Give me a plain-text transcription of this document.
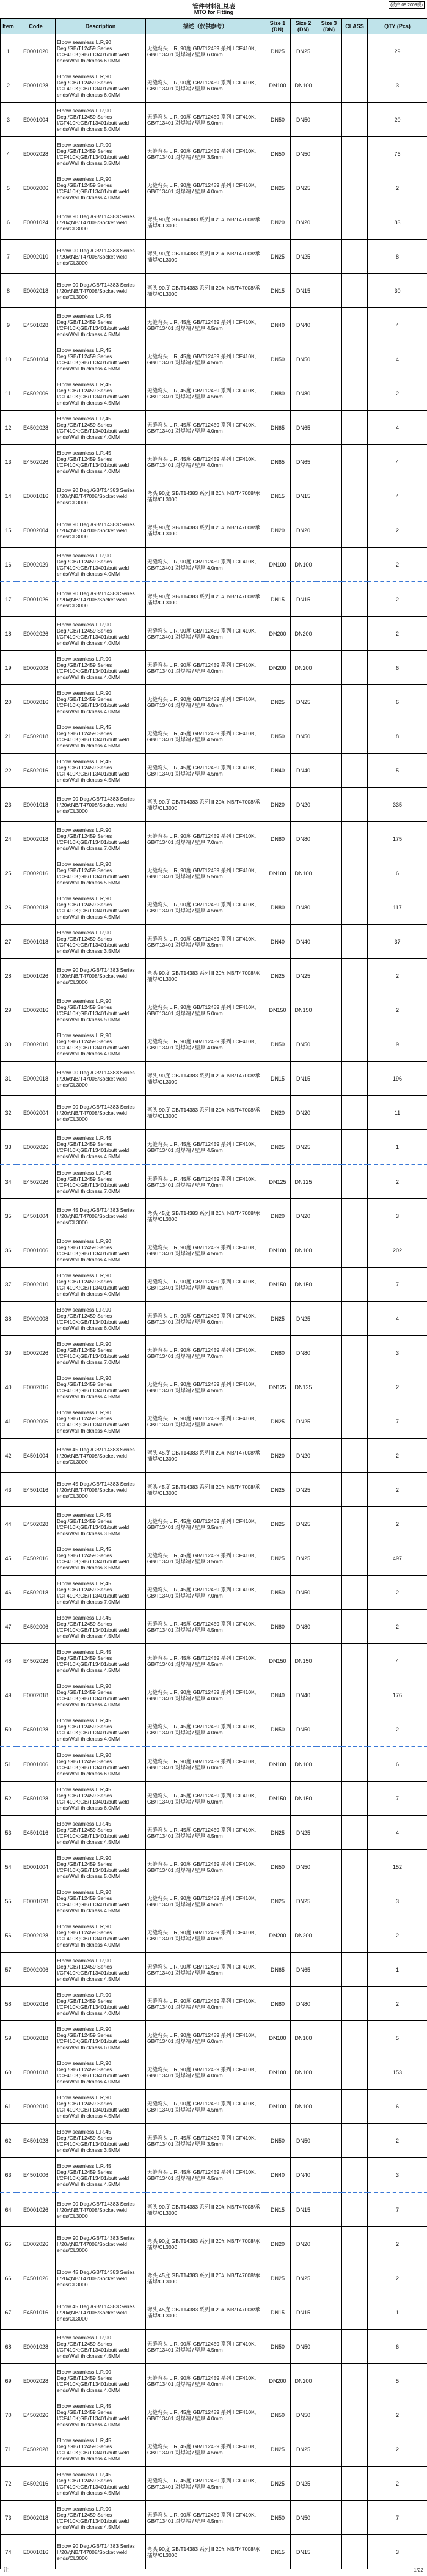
管件材料汇总表
MTO for Fitting
(改产 09.2009规)
Item	Code	Description	描述（仅供参考）	Size 1 (DN)	Size 2 (DN)	Size 3 (DN)	CLASS	QTY (Pcs)
1	E0001020	Elbow seamless L.R,90 Deg./GB/T12459 Series I/CF410K;GB/T13401/butt weld ends/Wall thickness 6.0MM	无缝弯头 L.R, 90度 GB/T12459 系列 I CF410K, GB/T13401 对焊端 / 壁厚 6.0mm	DN25	DN25			29
2	E0001028	Elbow seamless L.R,90 Deg./GB/T12459 Series I/CF410K;GB/T13401/butt weld ends/Wall thickness 6.0MM	无缝弯头 L.R, 90度 GB/T12459 系列 I CF410K, GB/T13401 对焊端 / 壁厚 6.0mm	DN100	DN100			3
3	E0001004	Elbow seamless L.R,90 Deg./GB/T12459 Series I/CF410K;GB/T13401/butt weld ends/Wall thickness 5.0MM	无缝弯头 L.R, 90度 GB/T12459 系列 I CF410K, GB/T13401 对焊端 / 壁厚 5.0mm	DN50	DN50			20
4	E0002028	Elbow seamless L.R,90 Deg./GB/T12459 Series I/CF410K;GB/T13401/butt weld ends/Wall thickness 3.5MM	无缝弯头 L.R, 90度 GB/T12459 系列 I CF410K, GB/T13401 对焊端 / 壁厚 3.5mm	DN50	DN50			76
5	E0002006	Elbow seamless L.R,90 Deg./GB/T12459 Series I/CF410K;GB/T13401/butt weld ends/Wall thickness 4.0MM	无缝弯头 L.R, 90度 GB/T12459 系列 I CF410K, GB/T13401 对焊端 / 壁厚 4.0mm	DN25	DN25			2
6	E0001024	Elbow 90 Deg./GB/T14383 Series II/20#;NB/T47008/Socket weld ends/CL3000	弯头 90度 GB/T14383 系列 II 20#, NB/T47008/承插焊/CL3000	DN20	DN20			83
7	E0002010	Elbow 90 Deg./GB/T14383 Series II/20#;NB/T47008/Socket weld ends/CL3000	弯头 90度 GB/T14383 系列 II 20#, NB/T47008/承插焊/CL3000	DN25	DN25			8
8	E0002018	Elbow 90 Deg./GB/T14383 Series II/20#;NB/T47008/Socket weld ends/CL3000	弯头 90度 GB/T14383 系列 II 20#, NB/T47008/承插焊/CL3000	DN15	DN15			30
9	E4501028	Elbow seamless L.R,45 Deg./GB/T12459 Series I/CF410K;GB/T13401/butt weld ends/Wall thickness 4.5MM	无缝弯头 L.R, 45度 GB/T12459 系列 I CF410K, GB/T13401 对焊端 / 壁厚 4.5mm	DN40	DN40			4
10	E4501004	Elbow seamless L.R,45 Deg./GB/T12459 Series I/CF410K;GB/T13401/butt weld ends/Wall thickness 4.5MM	无缝弯头 L.R, 45度 GB/T12459 系列 I CF410K, GB/T13401 对焊端 / 壁厚 4.5mm	DN50	DN50			4
11	E4502006	Elbow seamless L.R,45 Deg./GB/T12459 Series I/CF410K;GB/T13401/butt weld ends/Wall thickness 4.5MM	无缝弯头 L.R, 45度 GB/T12459 系列 I CF410K, GB/T13401 对焊端 / 壁厚 4.5mm	DN80	DN80			2
12	E4502028	Elbow seamless L.R,45 Deg./GB/T12459 Series I/CF410K;GB/T13401/butt weld ends/Wall thickness 4.0MM	无缝弯头 L.R, 45度 GB/T12459 系列 I CF410K, GB/T13401 对焊端 / 壁厚 4.0mm	DN65	DN65			4
13	E4502026	Elbow seamless L.R,45 Deg./GB/T12459 Series I/CF410K;GB/T13401/butt weld ends/Wall thickness 4.0MM	无缝弯头 L.R, 45度 GB/T12459 系列 I CF410K, GB/T13401 对焊端 / 壁厚 4.0mm	DN65	DN65			4
14	E0001016	Elbow 90 Deg./GB/T14383 Series II/20#;NB/T47008/Socket weld ends/CL3000	弯头 90度 GB/T14383 系列 II 20#, NB/T47008/承插焊/CL3000	DN15	DN15			4
15	E0002004	Elbow 90 Deg./GB/T14383 Series II/20#;NB/T47008/Socket weld ends/CL3000	弯头 90度 GB/T14383 系列 II 20#, NB/T47008/承插焊/CL3000	DN20	DN20			2
16	E0002029	Elbow seamless L.R,90 Deg./GB/T12459 Series I/CF410K;GB/T13401/butt weld ends/Wall thickness 4.0MM	无缝弯头 L.R, 90度 GB/T12459 系列 I CF410K, GB/T13401 对焊端 / 壁厚 4.0mm	DN100	DN100			2
17	E0001026	Elbow 90 Deg./GB/T14383 Series II/20#;NB/T47008/Socket weld ends/CL3000	弯头 90度 GB/T14383 系列 II 20#, NB/T47008/承插焊/CL3000	DN15	DN15			2
18	E0002026	Elbow seamless L.R,90 Deg./GB/T12459 Series I/CF410K;GB/T13401/butt weld ends/Wall thickness 4.0MM	无缝弯头 L.R, 90度 GB/T12459 系列 I CF410K, GB/T13401 对焊端 / 壁厚 4.0mm	DN200	DN200			2
19	E0002008	Elbow seamless L.R,90 Deg./GB/T12459 Series I/CF410K;GB/T13401/butt weld ends/Wall thickness 4.0MM	无缝弯头 L.R, 90度 GB/T12459 系列 I CF410K, GB/T13401 对焊端 / 壁厚 4.0mm	DN200	DN200			6
20	E0002016	Elbow seamless L.R,90 Deg./GB/T12459 Series I/CF410K;GB/T13401/butt weld ends/Wall thickness 4.0MM	无缝弯头 L.R, 90度 GB/T12459 系列 I CF410K, GB/T13401 对焊端 / 壁厚 4.0mm	DN25	DN25			6
21	E4502018	Elbow seamless L.R,45 Deg./GB/T12459 Series I/CF410K;GB/T13401/butt weld ends/Wall thickness 4.5MM	无缝弯头 L.R, 45度 GB/T12459 系列 I CF410K, GB/T13401 对焊端 / 壁厚 4.5mm	DN50	DN50			8
22	E4502016	Elbow seamless L.R,45 Deg./GB/T12459 Series I/CF410K;GB/T13401/butt weld ends/Wall thickness 4.5MM	无缝弯头 L.R, 45度 GB/T12459 系列 I CF410K, GB/T13401 对焊端 / 壁厚 4.5mm	DN40	DN40			5
23	E0001018	Elbow 90 Deg./GB/T14383 Series II/20#;NB/T47008/Socket weld ends/CL3000	弯头 90度 GB/T14383 系列 II 20#, NB/T47008/承插焊/CL3000	DN20	DN20			335
24	E0002018	Elbow seamless L.R,90 Deg./GB/T12459 Series I/CF410K;GB/T13401/butt weld ends/Wall thickness 7.0MM	无缝弯头 L.R, 90度 GB/T12459 系列 I CF410K, GB/T13401 对焊端 / 壁厚 7.0mm	DN80	DN80			175
25	E0002016	Elbow seamless L.R,90 Deg./GB/T12459 Series I/CF410K;GB/T13401/butt weld ends/Wall thickness 5.5MM	无缝弯头 L.R, 90度 GB/T12459 系列 I CF410K, GB/T13401 对焊端 / 壁厚 5.5mm	DN100	DN100			6
26	E0002018	Elbow seamless L.R,90 Deg./GB/T12459 Series I/CF410K;GB/T13401/butt weld ends/Wall thickness 4.5MM	无缝弯头 L.R, 90度 GB/T12459 系列 I CF410K, GB/T13401 对焊端 / 壁厚 4.5mm	DN80	DN80			117
27	E0001018	Elbow seamless L.R,90 Deg./GB/T12459 Series I/CF410K;GB/T13401/butt weld ends/Wall thickness 3.5MM	无缝弯头 L.R, 90度 GB/T12459 系列 I CF410K, GB/T13401 对焊端 / 壁厚 3.5mm	DN40	DN40			37
28	E0001026	Elbow 90 Deg./GB/T14383 Series II/20#;NB/T47008/Socket weld ends/CL3000	弯头 90度 GB/T14383 系列 II 20#, NB/T47008/承插焊/CL3000	DN25	DN25			2
29	E0002016	Elbow seamless L.R,90 Deg./GB/T12459 Series I/CF410K;GB/T13401/butt weld ends/Wall thickness 5.0MM	无缝弯头 L.R, 90度 GB/T12459 系列 I CF410K, GB/T13401 对焊端 / 壁厚 5.0mm	DN150	DN150			2
30	E0002010	Elbow seamless L.R,90 Deg./GB/T12459 Series I/CF410K;GB/T13401/butt weld ends/Wall thickness 4.0MM	无缝弯头 L.R, 90度 GB/T12459 系列 I CF410K, GB/T13401 对焊端 / 壁厚 4.0mm	DN50	DN50			9
31	E0002018	Elbow 90 Deg./GB/T14383 Series II/20#;NB/T47008/Socket weld ends/CL3000	弯头 90度 GB/T14383 系列 II 20#, NB/T47008/承插焊/CL3000	DN15	DN15			196
32	E0002004	Elbow 90 Deg./GB/T14383 Series II/20#;NB/T47008/Socket weld ends/CL3000	弯头 90度 GB/T14383 系列 II 20#, NB/T47008/承插焊/CL3000	DN20	DN20			11
33	E0002026	Elbow seamless L.R,45 Deg./GB/T12459 Series I/CF410K;GB/T13401/butt weld ends/Wall thickness 4.5MM	无缝弯头 L.R, 45度 GB/T12459 系列 I CF410K, GB/T13401 对焊端 / 壁厚 4.5mm	DN25	DN25			1
34	E4502026	Elbow seamless L.R,45 Deg./GB/T12459 Series I/CF410K;GB/T13401/butt weld ends/Wall thickness 7.0MM	无缝弯头 L.R, 45度 GB/T12459 系列 I CF410K, GB/T13401 对焊端 / 壁厚 7.0mm	DN125	DN125			2
35	E4501004	Elbow 45 Deg./GB/T14383 Series II/20#;NB/T47008/Socket weld ends/CL3000	弯头 45度 GB/T14383 系列 II 20#, NB/T47008/承插焊/CL3000	DN20	DN20			3
36	E0001006	Elbow seamless L.R,90 Deg./GB/T12459 Series I/CF410K;GB/T13401/butt weld ends/Wall thickness 4.5MM	无缝弯头 L.R, 90度 GB/T12459 系列 I CF410K, GB/T13401 对焊端 / 壁厚 4.5mm	DN100	DN100			202
37	E0002010	Elbow seamless L.R,90 Deg./GB/T12459 Series I/CF410K;GB/T13401/butt weld ends/Wall thickness 4.0MM	无缝弯头 L.R, 90度 GB/T12459 系列 I CF410K, GB/T13401 对焊端 / 壁厚 4.0mm	DN150	DN150			7
38	E0002008	Elbow seamless L.R,90 Deg./GB/T12459 Series I/CF410K;GB/T13401/butt weld ends/Wall thickness 6.0MM	无缝弯头 L.R, 90度 GB/T12459 系列 I CF410K, GB/T13401 对焊端 / 壁厚 6.0mm	DN25	DN25			4
39	E0002026	Elbow seamless L.R,90 Deg./GB/T12459 Series I/CF410K;GB/T13401/butt weld ends/Wall thickness 7.0MM	无缝弯头 L.R, 90度 GB/T12459 系列 I CF410K, GB/T13401 对焊端 / 壁厚 7.0mm	DN80	DN80			3
40	E0002016	Elbow seamless L.R,90 Deg./GB/T12459 Series I/CF410K;GB/T13401/butt weld ends/Wall thickness 4.5MM	无缝弯头 L.R, 90度 GB/T12459 系列 I CF410K, GB/T13401 对焊端 / 壁厚 4.5mm	DN125	DN125			2
41	E0002006	Elbow seamless L.R,90 Deg./GB/T12459 Series I/CF410K;GB/T13401/butt weld ends/Wall thickness 4.5MM	无缝弯头 L.R, 90度 GB/T12459 系列 I CF410K, GB/T13401 对焊端 / 壁厚 4.5mm	DN25	DN25			7
42	E4501004	Elbow 45 Deg./GB/T14383 Series II/20#;NB/T47008/Socket weld ends/CL3000	弯头 45度 GB/T14383 系列 II 20#, NB/T47008/承插焊/CL3000	DN20	DN20			2
43	E4501016	Elbow 45 Deg./GB/T14383 Series II/20#;NB/T47008/Socket weld ends/CL3000	弯头 45度 GB/T14383 系列 II 20#, NB/T47008/承插焊/CL3000	DN25	DN25			2
44	E4502028	Elbow seamless L.R,45 Deg./GB/T12459 Series I/CF410K;GB/T13401/butt weld ends/Wall thickness 3.5MM	无缝弯头 L.R, 45度 GB/T12459 系列 I CF410K, GB/T13401 对焊端 / 壁厚 3.5mm	DN25	DN25			2
45	E4502016	Elbow seamless L.R,45 Deg./GB/T12459 Series I/CF410K;GB/T13401/butt weld ends/Wall thickness 3.5MM	无缝弯头 L.R, 45度 GB/T12459 系列 I CF410K, GB/T13401 对焊端 / 壁厚 3.5mm	DN25	DN25			497
46	E4502018	Elbow seamless L.R,45 Deg./GB/T12459 Series I/CF410K;GB/T13401/butt weld ends/Wall thickness 7.0MM	无缝弯头 L.R, 45度 GB/T12459 系列 I CF410K, GB/T13401 对焊端 / 壁厚 7.0mm	DN50	DN50			2
47	E4502006	Elbow seamless L.R,45 Deg./GB/T12459 Series I/CF410K;GB/T13401/butt weld ends/Wall thickness 4.5MM	无缝弯头 L.R, 45度 GB/T12459 系列 I CF410K, GB/T13401 对焊端 / 壁厚 4.5mm	DN80	DN80			2
48	E4502026	Elbow seamless L.R,45 Deg./GB/T12459 Series I/CF410K;GB/T13401/butt weld ends/Wall thickness 4.5MM	无缝弯头 L.R, 45度 GB/T12459 系列 I CF410K, GB/T13401 对焊端 / 壁厚 4.5mm	DN150	DN150			4
49	E0002018	Elbow seamless L.R,90 Deg./GB/T12459 Series I/CF410K;GB/T13401/butt weld ends/Wall thickness 4.0MM	无缝弯头 L.R, 90度 GB/T12459 系列 I CF410K, GB/T13401 对焊端 / 壁厚 4.0mm	DN40	DN40			176
50	E4501028	Elbow seamless L.R,45 Deg./GB/T12459 Series I/CF410K;GB/T13401/butt weld ends/Wall thickness 4.0MM	无缝弯头 L.R, 45度 GB/T12459 系列 I CF410K, GB/T13401 对焊端 / 壁厚 4.0mm	DN50	DN50			2
51	E0001006	Elbow seamless L.R,90 Deg./GB/T12459 Series I/CF410K;GB/T13401/butt weld ends/Wall thickness 6.0MM	无缝弯头 L.R, 90度 GB/T12459 系列 I CF410K, GB/T13401 对焊端 / 壁厚 6.0mm	DN100	DN100			6
52	E4501028	Elbow seamless L.R,45 Deg./GB/T12459 Series I/CF410K;GB/T13401/butt weld ends/Wall thickness 6.0MM	无缝弯头 L.R, 45度 GB/T12459 系列 I CF410K, GB/T13401 对焊端 / 壁厚 6.0mm	DN150	DN150			7
53	E4501016	Elbow seamless L.R,45 Deg./GB/T12459 Series I/CF410K;GB/T13401/butt weld ends/Wall thickness 4.5MM	无缝弯头 L.R, 45度 GB/T12459 系列 I CF410K, GB/T13401 对焊端 / 壁厚 4.5mm	DN25	DN25			4
54	E0001004	Elbow seamless L.R,90 Deg./GB/T12459 Series I/CF410K;GB/T13401/butt weld ends/Wall thickness 5.0MM	无缝弯头 L.R, 90度 GB/T12459 系列 I CF410K, GB/T13401 对焊端 / 壁厚 5.0mm	DN50	DN50			152
55	E0001028	Elbow seamless L.R,90 Deg./GB/T12459 Series I/CF410K;GB/T13401/butt weld ends/Wall thickness 4.5MM	无缝弯头 L.R, 90度 GB/T12459 系列 I CF410K, GB/T13401 对焊端 / 壁厚 4.5mm	DN25	DN25			3
56	E0002028	Elbow seamless L.R,90 Deg./GB/T12459 Series I/CF410K;GB/T13401/butt weld ends/Wall thickness 4.0MM	无缝弯头 L.R, 90度 GB/T12459 系列 I CF410K, GB/T13401 对焊端 / 壁厚 4.0mm	DN200	DN200			2
57	E0002006	Elbow seamless L.R,90 Deg./GB/T12459 Series I/CF410K;GB/T13401/butt weld ends/Wall thickness 4.5MM	无缝弯头 L.R, 90度 GB/T12459 系列 I CF410K, GB/T13401 对焊端 / 壁厚 4.5mm	DN65	DN65			1
58	E0002016	Elbow seamless L.R,90 Deg./GB/T12459 Series I/CF410K;GB/T13401/butt weld ends/Wall thickness 4.0MM	无缝弯头 L.R, 90度 GB/T12459 系列 I CF410K, GB/T13401 对焊端 / 壁厚 4.0mm	DN80	DN80			2
59	E0002018	Elbow seamless L.R,90 Deg./GB/T12459 Series I/CF410K;GB/T13401/butt weld ends/Wall thickness 6.0MM	无缝弯头 L.R, 90度 GB/T12459 系列 I CF410K, GB/T13401 对焊端 / 壁厚 6.0mm	DN100	DN100			5
60	E0001018	Elbow seamless L.R,90 Deg./GB/T12459 Series I/CF410K;GB/T13401/butt weld ends/Wall thickness 4.0MM	无缝弯头 L.R, 90度 GB/T12459 系列 I CF410K, GB/T13401 对焊端 / 壁厚 4.0mm	DN100	DN100			153
61	E0002010	Elbow seamless L.R,90 Deg./GB/T12459 Series I/CF410K;GB/T13401/butt weld ends/Wall thickness 4.5MM	无缝弯头 L.R, 90度 GB/T12459 系列 I CF410K, GB/T13401 对焊端 / 壁厚 4.5mm	DN100	DN100			6
62	E4501028	Elbow seamless L.R,45 Deg./GB/T12459 Series I/CF410K;GB/T13401/butt weld ends/Wall thickness 3.5MM	无缝弯头 L.R, 45度 GB/T12459 系列 I CF410K, GB/T13401 对焊端 / 壁厚 3.5mm	DN50	DN50			2
63	E4501006	Elbow seamless L.R,45 Deg./GB/T12459 Series I/CF410K;GB/T13401/butt weld ends/Wall thickness 4.5MM	无缝弯头 L.R, 45度 GB/T12459 系列 I CF410K, GB/T13401 对焊端 / 壁厚 4.5mm	DN40	DN40			3
64	E0001026	Elbow 90 Deg./GB/T14383 Series II/20#;NB/T47008/Socket weld ends/CL3000	弯头 90度 GB/T14383 系列 II 20#, NB/T47008/承插焊/CL3000	DN15	DN15			7
65	E0002026	Elbow 90 Deg./GB/T14383 Series II/20#;NB/T47008/Socket weld ends/CL3000	弯头 90度 GB/T14383 系列 II 20#, NB/T47008/承插焊/CL3000	DN20	DN20			2
66	E4501026	Elbow 45 Deg./GB/T14383 Series II/20#;NB/T47008/Socket weld ends/CL3000	弯头 45度 GB/T14383 系列 II 20#, NB/T47008/承插焊/CL3000	DN25	DN25			2
67	E4501016	Elbow 45 Deg./GB/T14383 Series II/20#;NB/T47008/Socket weld ends/CL3000	弯头 45度 GB/T14383 系列 II 20#, NB/T47008/承插焊/CL3000	DN15	DN15			1
68	E0001028	Elbow seamless L.R,90 Deg./GB/T12459 Series I/CF410K;GB/T13401/butt weld ends/Wall thickness 4.5MM	无缝弯头 L.R, 90度 GB/T12459 系列 I CF410K, GB/T13401 对焊端 / 壁厚 4.5mm	DN50	DN50			6
69	E0002028	Elbow seamless L.R,90 Deg./GB/T12459 Series I/CF410K;GB/T13401/butt weld ends/Wall thickness 4.0MM	无缝弯头 L.R, 90度 GB/T12459 系列 I CF410K, GB/T13401 对焊端 / 壁厚 4.0mm	DN200	DN200			5
70	E4502026	Elbow seamless L.R,45 Deg./GB/T12459 Series I/CF410K;GB/T13401/butt weld ends/Wall thickness 4.0MM	无缝弯头 L.R, 45度 GB/T12459 系列 I CF410K, GB/T13401 对焊端 / 壁厚 4.0mm	DN50	DN50			2
71	E4502028	Elbow seamless L.R,45 Deg./GB/T12459 Series I/CF410K;GB/T13401/butt weld ends/Wall thickness 4.5MM	无缝弯头 L.R, 45度 GB/T12459 系列 I CF410K, GB/T13401 对焊端 / 壁厚 4.5mm	DN25	DN25			2
72	E4502016	Elbow seamless L.R,45 Deg./GB/T12459 Series I/CF410K;GB/T13401/butt weld ends/Wall thickness 4.5MM	无缝弯头 L.R, 45度 GB/T12459 系列 I CF410K, GB/T13401 对焊端 / 壁厚 4.5mm	DN25	DN25			2
73	E0002018	Elbow seamless L.R,90 Deg./GB/T12459 Series I/CF410K;GB/T13401/butt weld ends/Wall thickness 4.5MM	无缝弯头 L.R, 90度 GB/T12459 系列 I CF410K, GB/T13401 对焊端 / 壁厚 4.5mm	DN50	DN50			7
74	E0001016	Elbow 90 Deg./GB/T14383 Series II/20#;NB/T47008/Socket weld ends/CL3000	弯头 90度 GB/T14383 系列 II 20#, NB/T47008/承插焊/CL3000	DN15	DN15			3
注	1/22
